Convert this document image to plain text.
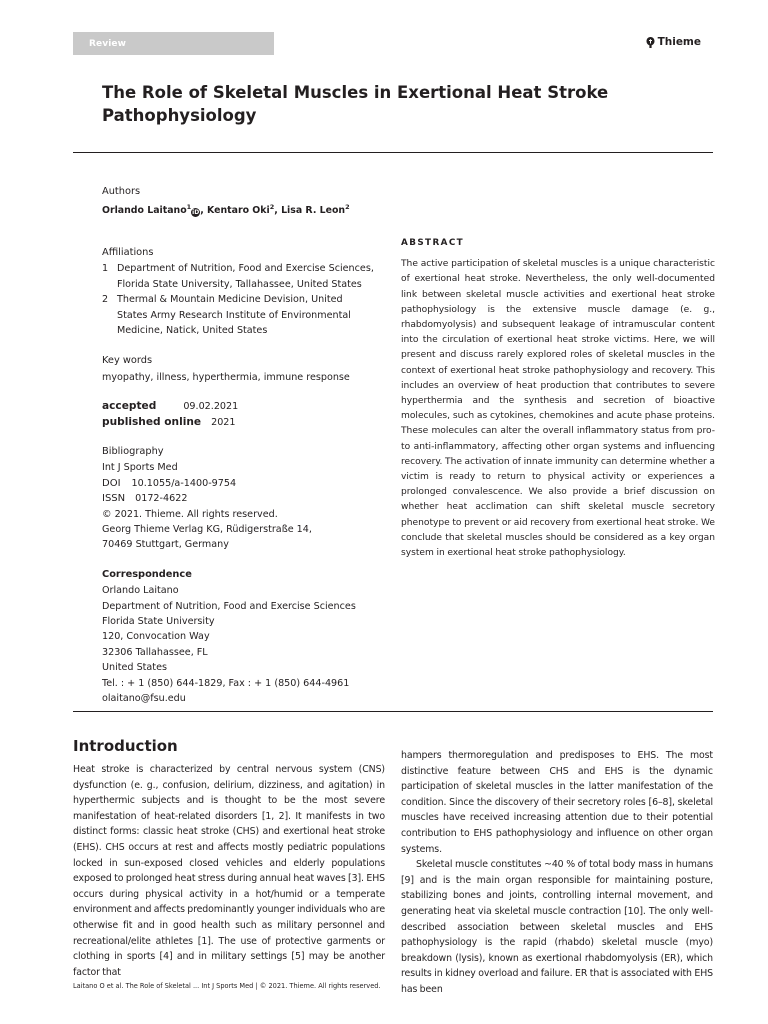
Review	Thieme
The Role of Skeletal Muscles in Exertional Heat Stroke Pathophysiology
Authors
Orlando Laitano$^1$iD, Kentaro Oki$^2$, Lisa R. Leon$^2$
Affiliations
1 Department of Nutrition, Food and Exercise Sciences, Florida State University, Tallahassee, United States
2 Thermal & Mountain Medicine Devision, United States Army Research Institute of Environmental Medicine, Natick, United States
Key words
myopathy, illness, hyperthermia, immune response
accepted	09.02.2021
published online 2021
Bibliography
Int J Sports Med
DOI 10.1055/a-1400-9754
ISSN 0172-4622
© 2021. Thieme. All rights reserved.
Georg Thieme Verlag KG, Rüdigerstraße 14,
70469 Stuttgart, Germany
Correspondence
Orlando Laitano
Department of Nutrition, Food and Exercise Sciences
Florida State University
120, Convocation Way
32306 Tallahassee, FL
United States
Tel. : + 1 (850) 644-1829, Fax : + 1 (850) 644-4961
olaitano@fsu.edu
ABSTRACT

The active participation of skeletal muscles is a unique characteristic of exertional heat stroke. Nevertheless, the only well-documented link between skeletal muscle activities and exertional heat stroke pathophysiology is the extensive muscle damage (e. g., rhabdomyolysis) and subsequent leakage of intramuscular content into the circulation of exertional heat stroke victims. Here, we will present and discuss rarely explored roles of skeletal muscles in the context of exertional heat stroke pathophysiology and recovery. This includes an overview of heat production that contributes to severe hyperthermia and the synthesis and secretion of bioactive molecules, such as cytokines, chemokines and acute phase proteins. These molecules can alter the overall inflammatory status from pro- to anti-inflammatory, affecting other organ systems and influencing recovery. The activation of innate immunity can determine whether a victim is ready to return to physical activity or experiences a prolonged convalescence. We also provide a brief discussion on whether heat acclimation can shift skeletal muscle secretory phenotype to prevent or aid recovery from exertional heat stroke. We conclude that skeletal muscles should be considered as a key organ system in exertional heat stroke pathophysiology.

Introduction

Heat stroke is characterized by central nervous system (CNS) dysfunction (e. g., confusion, delirium, dizziness, and agitation) in hyperthermic subjects and is thought to be the most severe manifestation of heat-related disorders [1, 2]. It manifests in two distinct forms: classic heat stroke (CHS) and exertional heat stroke (EHS). CHS occurs at rest and affects mostly pediatric populations locked in sun-exposed closed vehicles and elderly populations exposed to prolonged heat stress during annual heat waves [3]. EHS occurs during physical activity in a hot/humid or a temperate environment and affects predominantly younger individuals who are otherwise fit and in good health such as military personnel and recreational/elite athletes [1]. The use of protective garments or clothing in sports [4] and in military settings [5] may be another factor that

hampers thermoregulation and predisposes to EHS. The most distinctive feature between CHS and EHS is the dynamic participation of skeletal muscles in the latter manifestation of the condition. Since the discovery of their secretory roles [6–8], skeletal muscles have received increasing attention due to their potential contribution to EHS pathophysiology and influence on other organ systems.

Skeletal muscle constitutes ~40 % of total body mass in humans [9] and is the main organ responsible for maintaining posture, stabilizing bones and joints, controlling internal movement, and generating heat via skeletal muscle contraction [10]. The only well-described association between skeletal muscles and EHS pathophysiology is the rapid (rhabdo) skeletal muscle (myo) breakdown (lysis), known as exertional rhabdomyolysis (ER), which results in kidney overload and failure. ER that is associated with EHS has been

Laitano O et al. The Role of Skeletal ... Int J Sports Med | © 2021. Thieme. All rights reserved.
